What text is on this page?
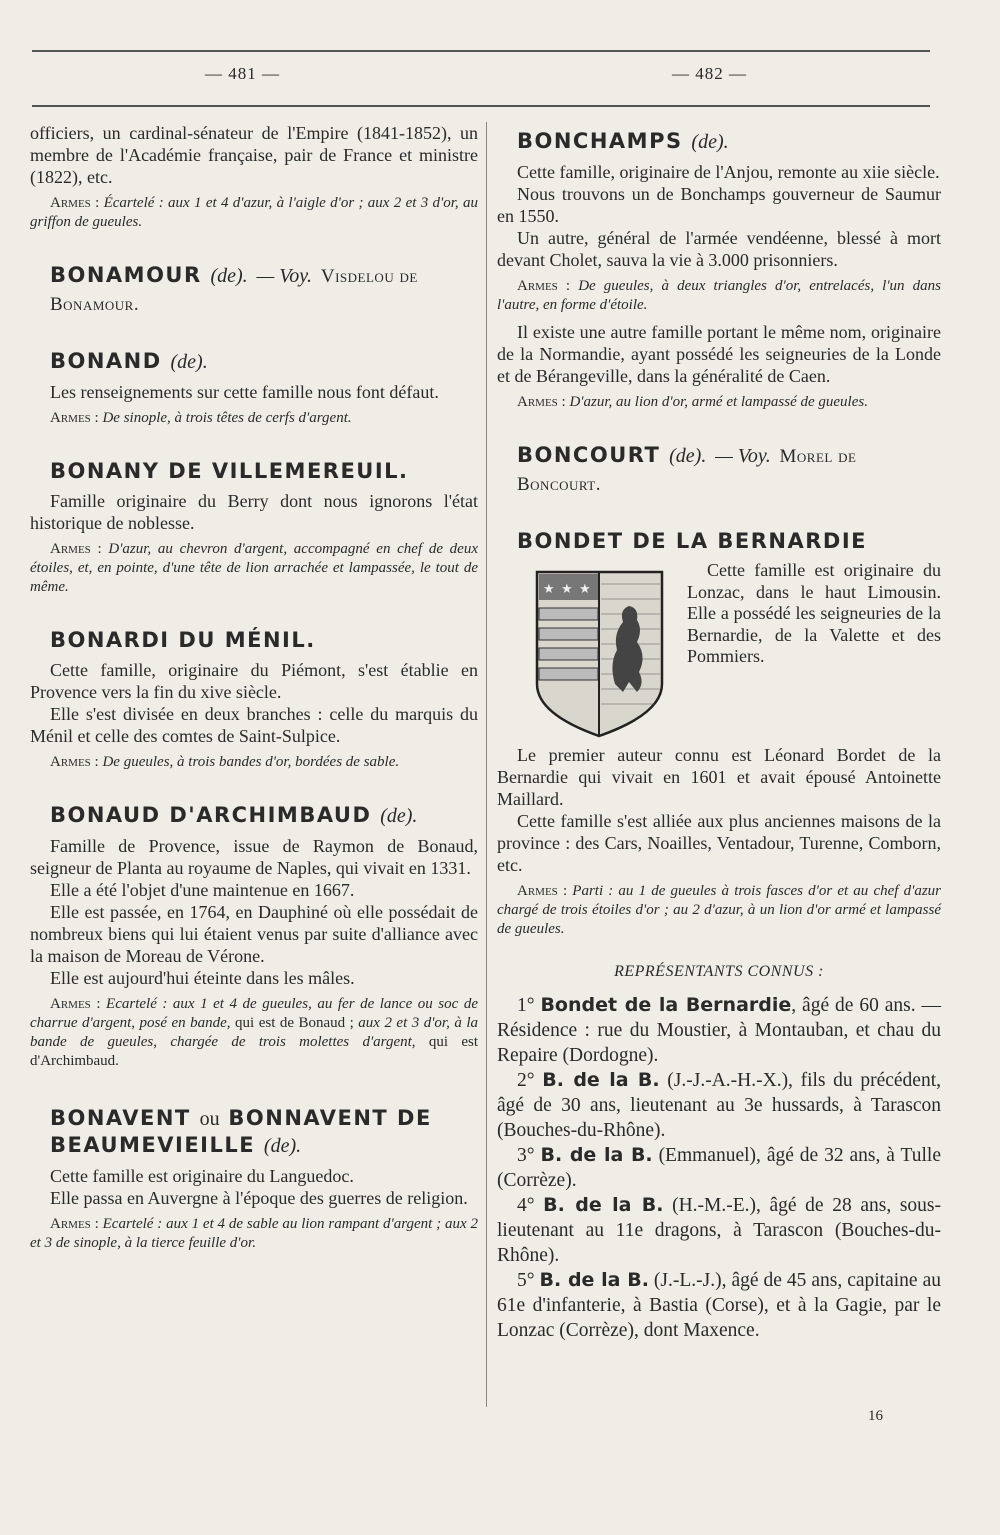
— 481 —	— 482 —

officiers, un cardinal-sénateur de l'Empire (1841-1852), un membre de l'Académie française, pair de France et ministre (1822), etc.

Armes : Écartelé : aux 1 et 4 d'azur, à l'aigle d'or ; aux 2 et 3 d'or, au griffon de gueules.

BONAMOUR (de). — Voy. Visdelou de Bonamour.
BONAND (de).

Les renseignements sur cette famille nous font défaut.

Armes : De sinople, à trois têtes de cerfs d'argent.

BONANY DE VILLEMEREUIL.

Famille originaire du Berry dont nous ignorons l'état historique de noblesse.

Armes : D'azur, au chevron d'argent, accompagné en chef de deux étoiles, et, en pointe, d'une tête de lion arrachée et lampassée, le tout de même.

BONARDI DU MÉNIL.

Cette famille, originaire du Piémont, s'est établie en Provence vers la fin du xive siècle.

Elle s'est divisée en deux branches : celle du marquis du Ménil et celle des comtes de Saint-Sulpice.

Armes : De gueules, à trois bandes d'or, bordées de sable.

BONAUD D'ARCHIMBAUD (de).

Famille de Provence, issue de Raymon de Bonaud, seigneur de Planta au royaume de Naples, qui vivait en 1331.

Elle a été l'objet d'une maintenue en 1667.

Elle est passée, en 1764, en Dauphiné où elle possédait de nombreux biens qui lui étaient venus par suite d'alliance avec la maison de Moreau de Vérone.

Elle est aujourd'hui éteinte dans les mâles.

Armes : Ecartelé : aux 1 et 4 de gueules, au fer de lance ou soc de charrue d'argent, posé en bande, qui est de Bonaud ; aux 2 et 3 d'or, à la bande de gueules, chargée de trois molettes d'argent, qui est d'Archimbaud.

BONAVENT ou BONNAVENT DE BEAUMEVIEILLE (de).

Cette famille est originaire du Languedoc.

Elle passa en Auvergne à l'époque des guerres de religion.

Armes : Ecartelé : aux 1 et 4 de sable au lion rampant d'argent ; aux 2 et 3 de sinople, à la tierce feuille d'or.

BONCHAMPS (de).

Cette famille, originaire de l'Anjou, remonte au xiie siècle.

Nous trouvons un de Bonchamps gouverneur de Saumur en 1550.

Un autre, général de l'armée vendéenne, blessé à mort devant Cholet, sauva la vie à 3.000 prisonniers.

Armes : De gueules, à deux triangles d'or, entrelacés, l'un dans l'autre, en forme d'étoile.

Il existe une autre famille portant le même nom, originaire de la Normandie, ayant possédé les seigneuries de la Londe et de Bérangeville, dans la généralité de Caen.

Armes : D'azur, au lion d'or, armé et lampassé de gueules.

BONCOURT (de). — Voy. Morel de Boncourt.
BONDET DE LA BERNARDIE
★ ★ ★

Cette famille est originaire du Lonzac, dans le haut Limousin. Elle a possédé les seigneuries de la Bernardie, de la Valette et des Pommiers.

Le premier auteur connu est Léonard Bordet de la Bernardie qui vivait en 1601 et avait épousé Antoinette Maillard.

Cette famille s'est alliée aux plus anciennes maisons de la province : des Cars, Noailles, Ventadour, Turenne, Comborn, etc.

Armes : Parti : au 1 de gueules à trois fasces d'or et au chef d'azur chargé de trois étoiles d'or ; au 2 d'azur, à un lion d'or armé et lampassé de gueules.

REPRÉSENTANTS CONNUS :

1° Bondet de la Bernardie, âgé de 60 ans. — Résidence : rue du Moustier, à Montauban, et chau du Repaire (Dordogne).

2° B. de la B. (J.-J.-A.-H.-X.), fils du précédent, âgé de 30 ans, lieutenant au 3e hussards, à Tarascon (Bouches-du-Rhône).

3° B. de la B. (Emmanuel), âgé de 32 ans, à Tulle (Corrèze).

4° B. de la B. (H.-M.-E.), âgé de 28 ans, sous-lieutenant au 11e dragons, à Tarascon (Bouches-du-Rhône).

5° B. de la B. (J.-L.-J.), âgé de 45 ans, capitaine au 61e d'infanterie, à Bastia (Corse), et à la Gagie, par le Lonzac (Corrèze), dont Maxence.

16
